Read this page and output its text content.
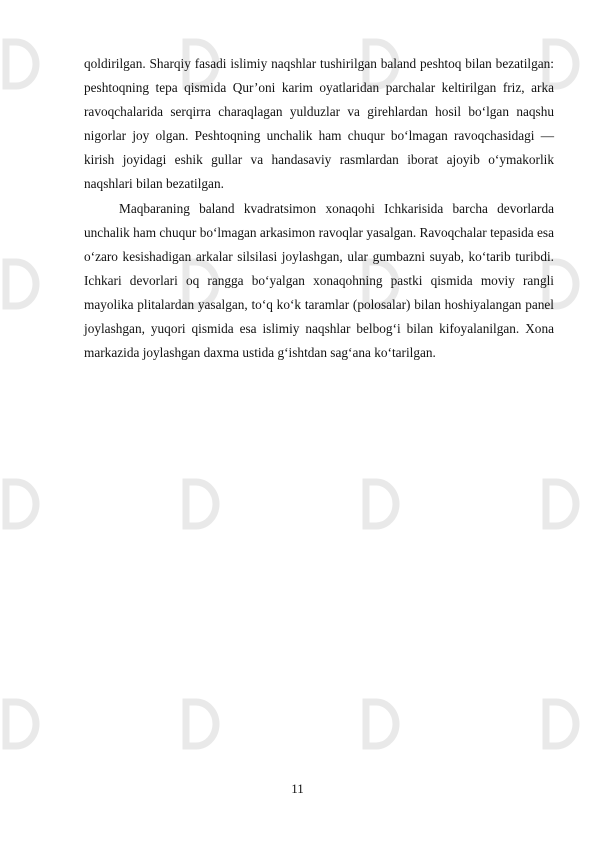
qoldirilgan. Sharqiy fasadi islimiy naqshlar tushirilgan baland peshtoq bilan bezatilgan: peshtoqning tepa qismida Qur’oni karim oyatlaridan parchalar keltirilgan friz, arka ravoqchalarida serqirra charaqlagan yulduzlar va girehlardan hosil bo‘lgan naqshu nigorlar joy olgan. Peshtoqning unchalik ham chuqur bo‘lmagan ravoqchasidagi — kirish joyidagi eshik gullar va handasaviy rasmlardan iborat ajoyib o‘ymakorlik naqshlari bilan bezatilgan.

Maqbaraning baland kvadratsimon xonaqohi Ichkarisida barcha devorlarda unchalik ham chuqur bo‘lmagan arkasimon ravoqlar yasalgan. Ravoqchalar tepasida esa o‘zaro kesishadigan arkalar silsilasi joylashgan, ular gumbazni suyab, ko‘tarib turibdi. Ichkari devorlari oq rangga bo‘yalgan xonaqohning pastki qismida moviy rangli mayolika plitalardan yasalgan, to‘q ko‘k taramlar (polosalar) bilan hoshiyalangan panel joylashgan, yuqori qismida esa islimiy naqshlar belbog‘i bilan kifoyalanilgan. Xona markazida joylashgan daxma ustida g‘ishtdan sag‘ana ko‘tarilgan.

11
